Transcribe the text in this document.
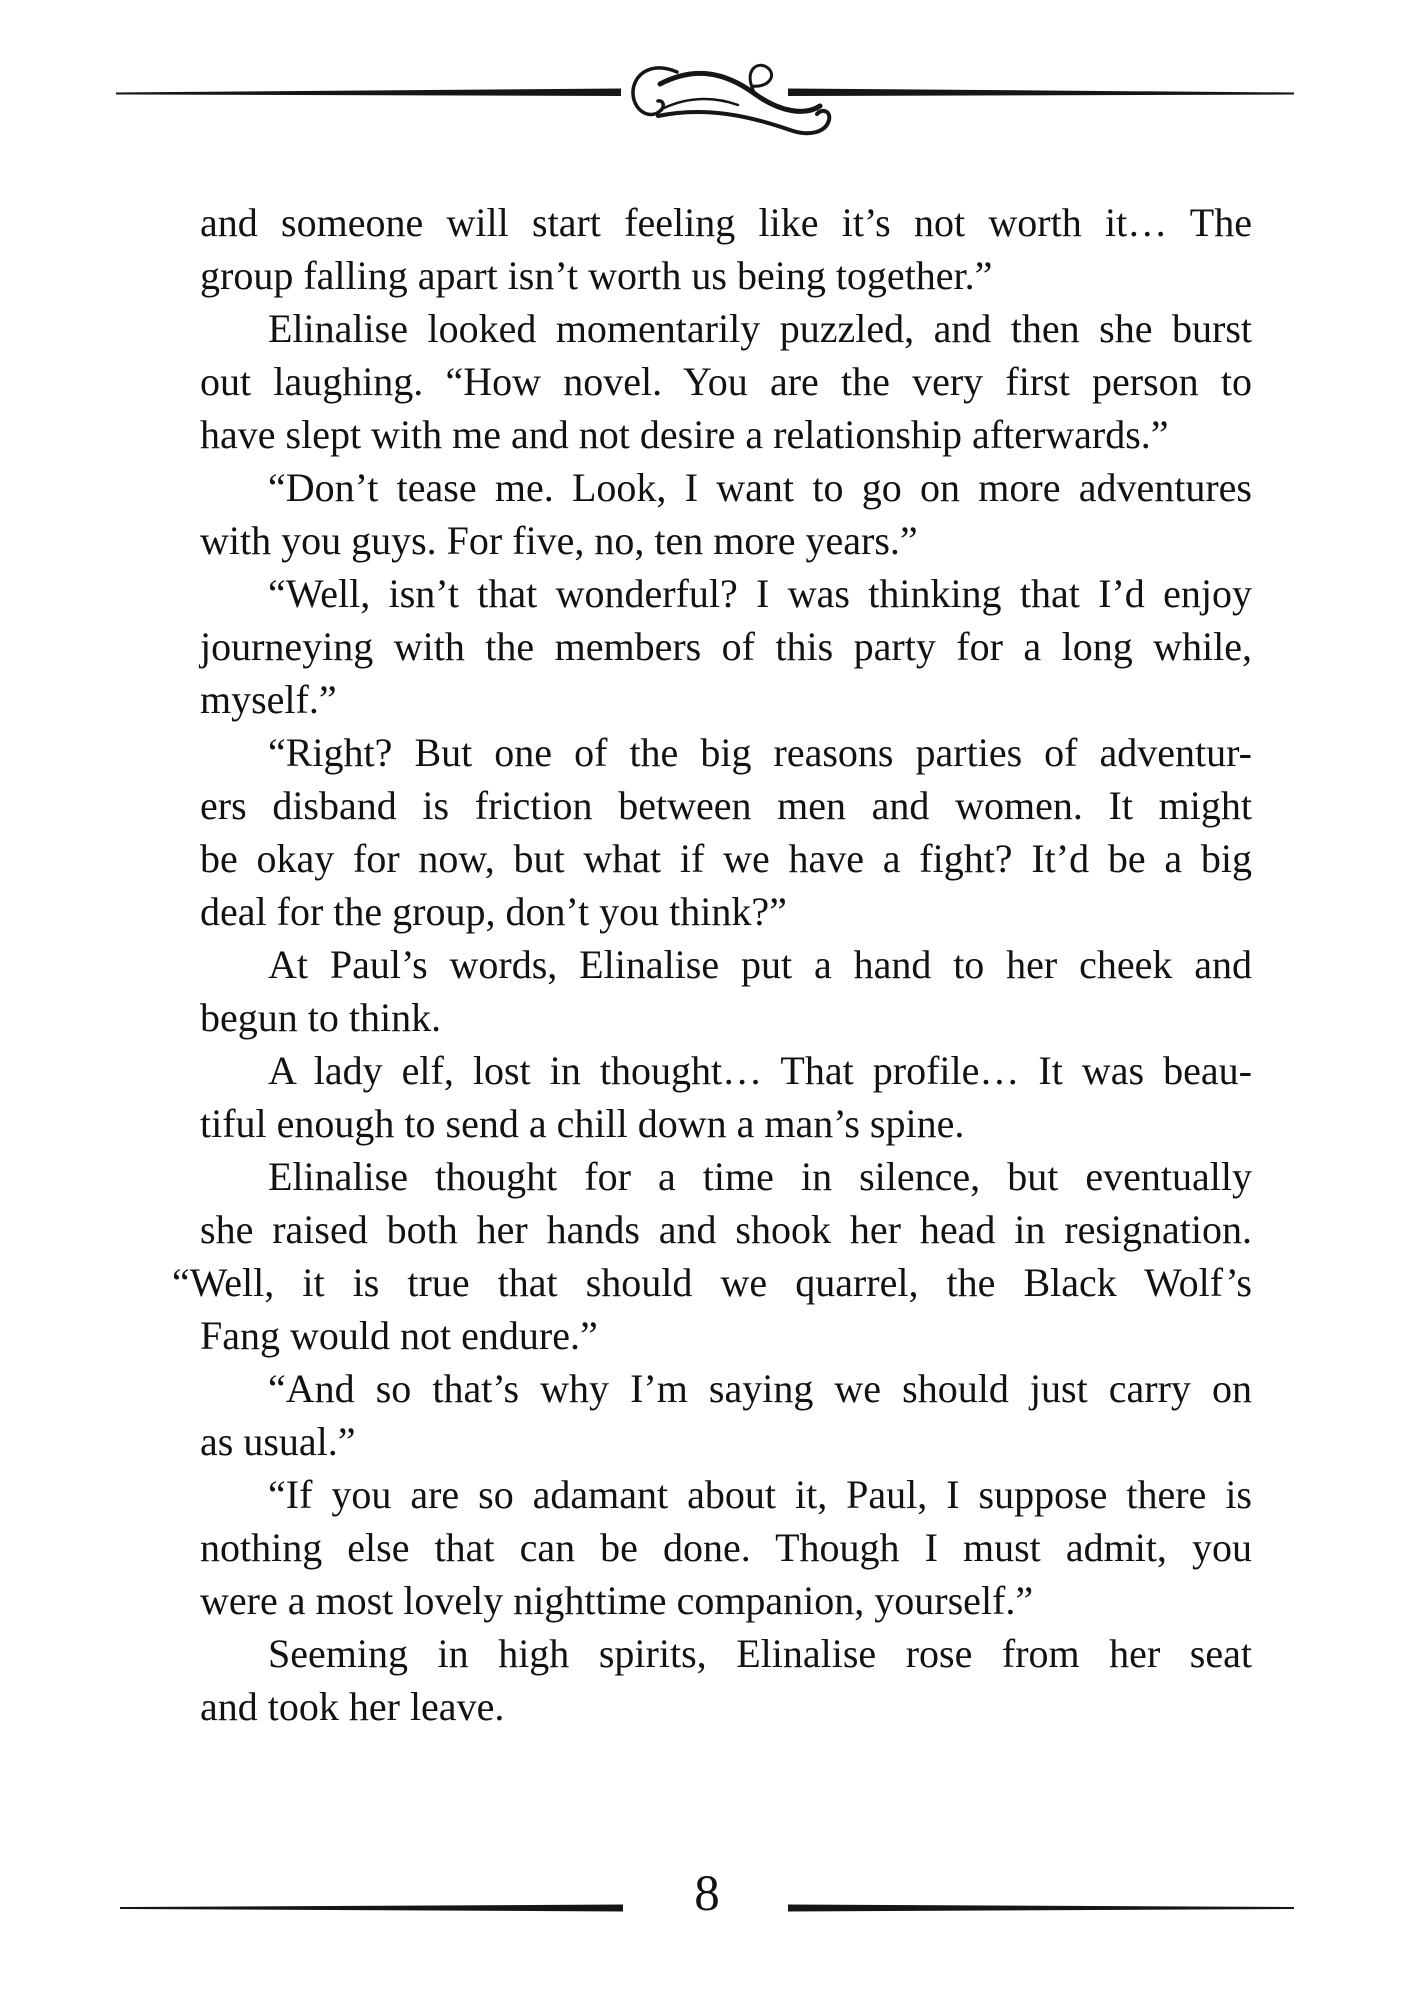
and someone will start feeling like it’s not worth it… The
group falling apart isn’t worth us being together.”
Elinalise looked momentarily puzzled, and then she burst
out laughing. “How novel. You are the very first person to
have slept with me and not desire a relationship afterwards.”
“Don’t tease me. Look, I want to go on more adventures
with you guys. For five, no, ten more years.”
“Well, isn’t that wonderful? I was thinking that I’d enjoy
journeying with the members of this party for a long while,
myself.”
“Right? But one of the big reasons parties of adventur-
ers disband is friction between men and women. It might
be okay for now, but what if we have a fight? It’d be a big
deal for the group, don’t you think?”
At Paul’s words, Elinalise put a hand to her cheek and
begun to think.
A lady elf, lost in thought… That profile… It was beau-
tiful enough to send a chill down a man’s spine.
Elinalise thought for a time in silence, but eventually
she raised both her hands and shook her head in resignation.
“Well, it is true that should we quarrel, the Black Wolf’s
Fang would not endure.”
“And so that’s why I’m saying we should just carry on
as usual.”
“If you are so adamant about it, Paul, I suppose there is
nothing else that can be done. Though I must admit, you
were a most lovely nighttime companion, yourself.”
Seeming in high spirits, Elinalise rose from her seat
and took her leave.
8
